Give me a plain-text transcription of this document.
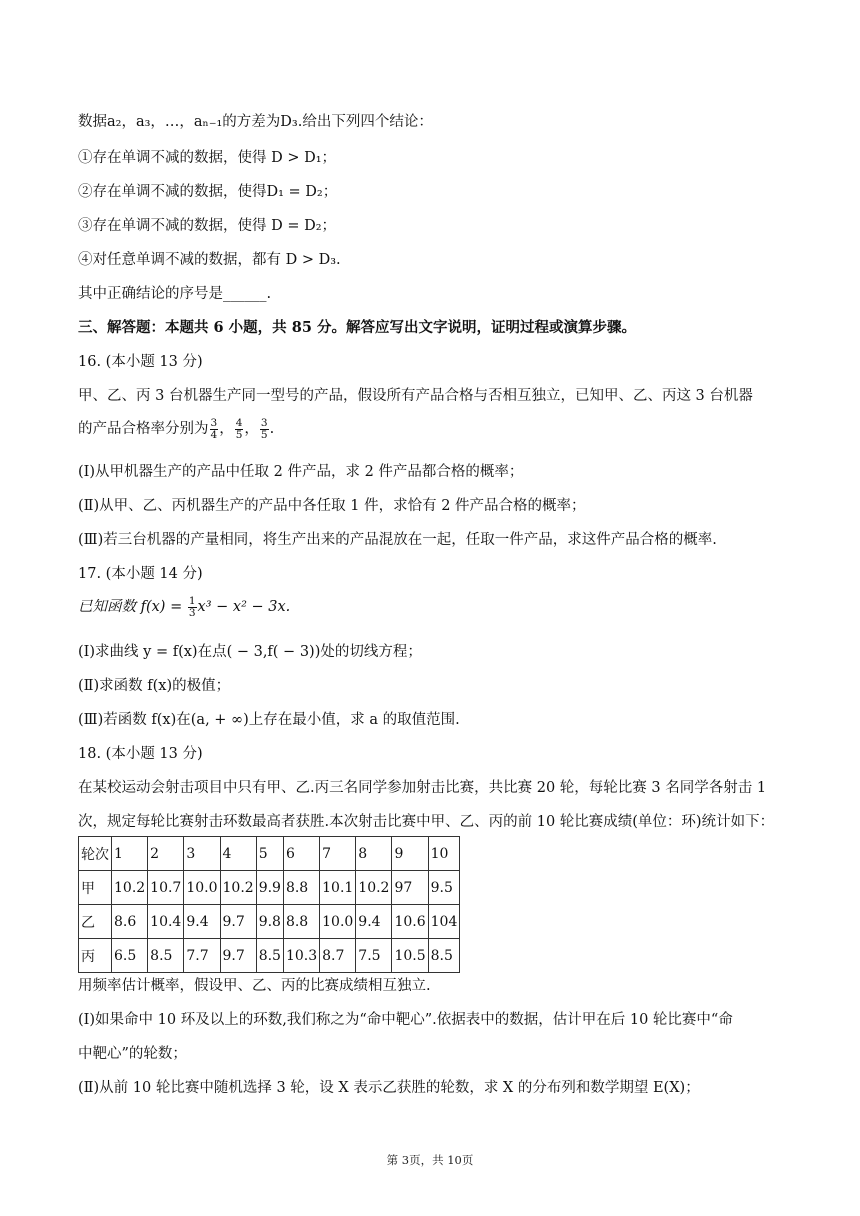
数据a₂，a₃，…，aₙ₋₁的方差为D₃.给出下列四个结论：
①存在单调不减的数据，使得 D > D₁；
②存在单调不减的数据，使得D₁ = D₂；
③存在单调不减的数据，使得 D = D₂；
④对任意单调不减的数据，都有 D > D₃.
其中正确结论的序号是______.
三、解答题：本题共 6 小题，共 85 分。解答应写出文字说明，证明过程或演算步骤。
16. (本小题 13 分)
甲、乙、丙 3 台机器生产同一型号的产品，假设所有产品合格与否相互独立，已知甲、乙、丙这 3 台机器
的产品合格率分别为 $\frac{3}{4}$ ， $\frac{4}{5}$ ， $\frac{3}{5}$ .
(Ⅰ)从甲机器生产的产品中任取 2 件产品，求 2 件产品都合格的概率；
(Ⅱ)从甲、乙、丙机器生产的产品中各任取 1 件，求恰有 2 件产品合格的概率；
(Ⅲ)若三台机器的产量相同，将生产出来的产品混放在一起，任取一件产品，求这件产品合格的概率.
17. (本小题 14 分)
已知函数 $f(x) = \frac{1}{3} x^3 - x^2 - 3x$.
(Ⅰ)求曲线 y = f(x)在点( − 3,f( − 3))处的切线方程；
(Ⅱ)求函数 f(x)的极值；
(Ⅲ)若函数 f(x)在(a, + ∞)上存在最小值，求 a 的取值范围.
18. (本小题 13 分)
在某校运动会射击项目中只有甲、乙.丙三名同学参加射击比赛，共比赛 20 轮，每轮比赛 3 名同学各射击 1
次，规定每轮比赛射击环数最高者获胜.本次射击比赛中甲、乙、丙的前 10 轮比赛成绩(单位：环)统计如下：
轮次	1	2	3	4	5	6	7	8	9	10
甲	10.2	10.7	10.0	10.2	9.9	8.8	10.1	10.2	97	9.5
乙	8.6	10.4	9.4	9.7	9.8	8.8	10.0	9.4	10.6	104
丙	6.5	8.5	7.7	9.7	8.5	10.3	8.7	7.5	10.5	8.5
用频率估计概率，假设甲、乙、丙的比赛成绩相互独立.
(Ⅰ)如果命中 10 环及以上的环数,我们称之为“命中靶心”.依据表中的数据，估计甲在后 10 轮比赛中“命
中靶心”的轮数；
(Ⅱ)从前 10 轮比赛中随机选择 3 轮，设 X 表示乙获胜的轮数，求 X 的分布列和数学期望 E(X)；
第 3页，共 10页
